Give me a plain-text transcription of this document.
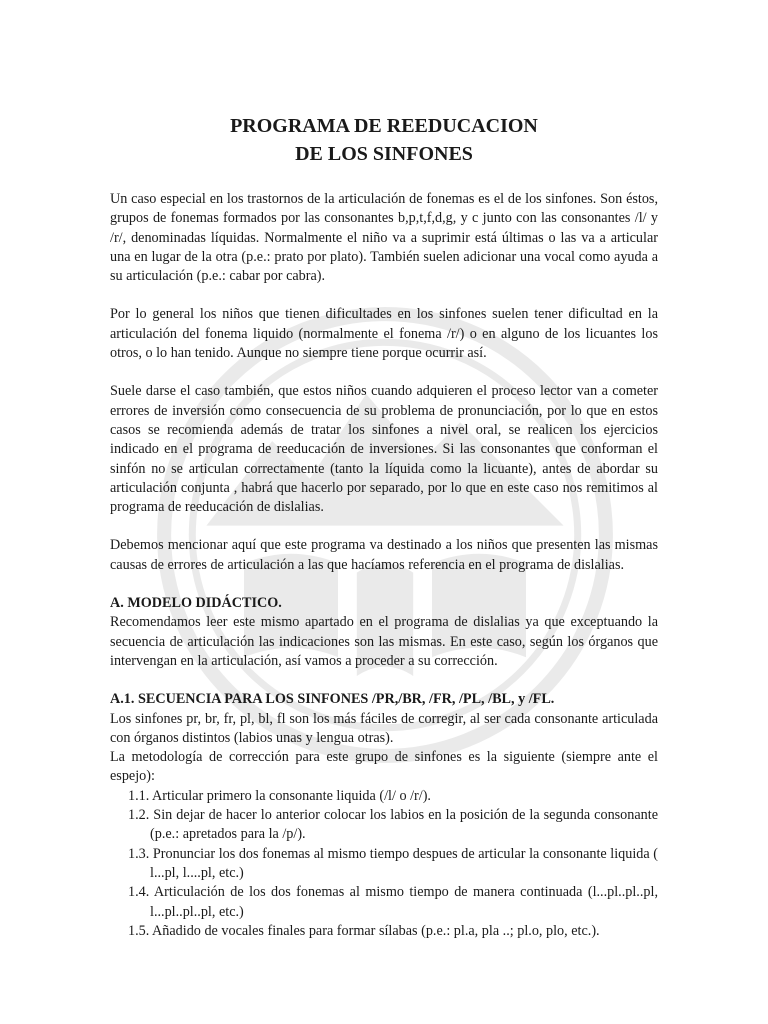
PROGRAMA DE REEDUCACION
DE LOS SINFONES

Un caso especial en los trastornos de la articulación de fonemas es el de los sinfones. Son éstos, grupos de fonemas formados por las consonantes b,p,t,f,d,g, y c junto con las consonantes /l/ y /r/, denominadas líquidas. Normalmente el niño va a suprimir está últimas o las va a articular una en lugar de la otra (p.e.: prato por plato). También suelen adicionar una vocal como ayuda a su articulación (p.e.: cabar por cabra).

Por lo general los niños que tienen dificultades en los sinfones suelen tener dificultad en la articulación del fonema liquido (normalmente el fonema /r/) o en alguno de los licuantes los otros, o lo han tenido. Aunque no siempre tiene porque ocurrir así.

Suele darse el caso también, que estos niños cuando adquieren el proceso lector van a cometer errores de inversión como consecuencia de su problema de pronunciación, por lo que en estos casos se recomienda además de tratar los sinfones a nivel oral, se realicen los ejercicios indicado en el programa de reeducación de inversiones. Si las consonantes que conforman el sinfón no se articulan correctamente (tanto la líquida como la licuante), antes de abordar su articulación conjunta , habrá que hacerlo por separado, por lo que en este caso nos remitimos al programa de reeducación de dislalias.

Debemos mencionar aquí que este programa va destinado a los niños que presenten las mismas causas de errores de articulación a las que hacíamos referencia en el programa de dislalias.

A. MODELO DIDÁCTICO.

Recomendamos leer este mismo apartado en el programa de dislalias ya que exceptuando la secuencia de articulación las indicaciones son las mismas. En este caso, según los órganos que intervengan en la articulación, así vamos a proceder a su corrección.

A.1. SECUENCIA PARA LOS SINFONES /PR,/BR, /FR, /PL, /BL, y /FL.

Los sinfones pr, br, fr, pl, bl, fl son los más fáciles de corregir, al ser cada consonante articulada con órganos distintos (labios unas y lengua otras).

La metodología de corrección para este grupo de sinfones es la siguiente (siempre ante el espejo):

1.1. Articular primero la consonante liquida (/l/ o /r/).
1.2. Sin dejar de hacer lo anterior colocar los labios en la posición de la segunda consonante (p.e.: apretados para la /p/).
1.3. Pronunciar los dos fonemas al mismo tiempo despues de articular la consonante liquida ( l...pl, l....pl, etc.)
1.4. Articulación de los dos fonemas al mismo tiempo de manera continuada (l...pl..pl..pl, l...pl..pl..pl, etc.)
1.5. Añadido de vocales finales para formar sílabas (p.e.: pl.a, pla ..; pl.o, plo, etc.).
